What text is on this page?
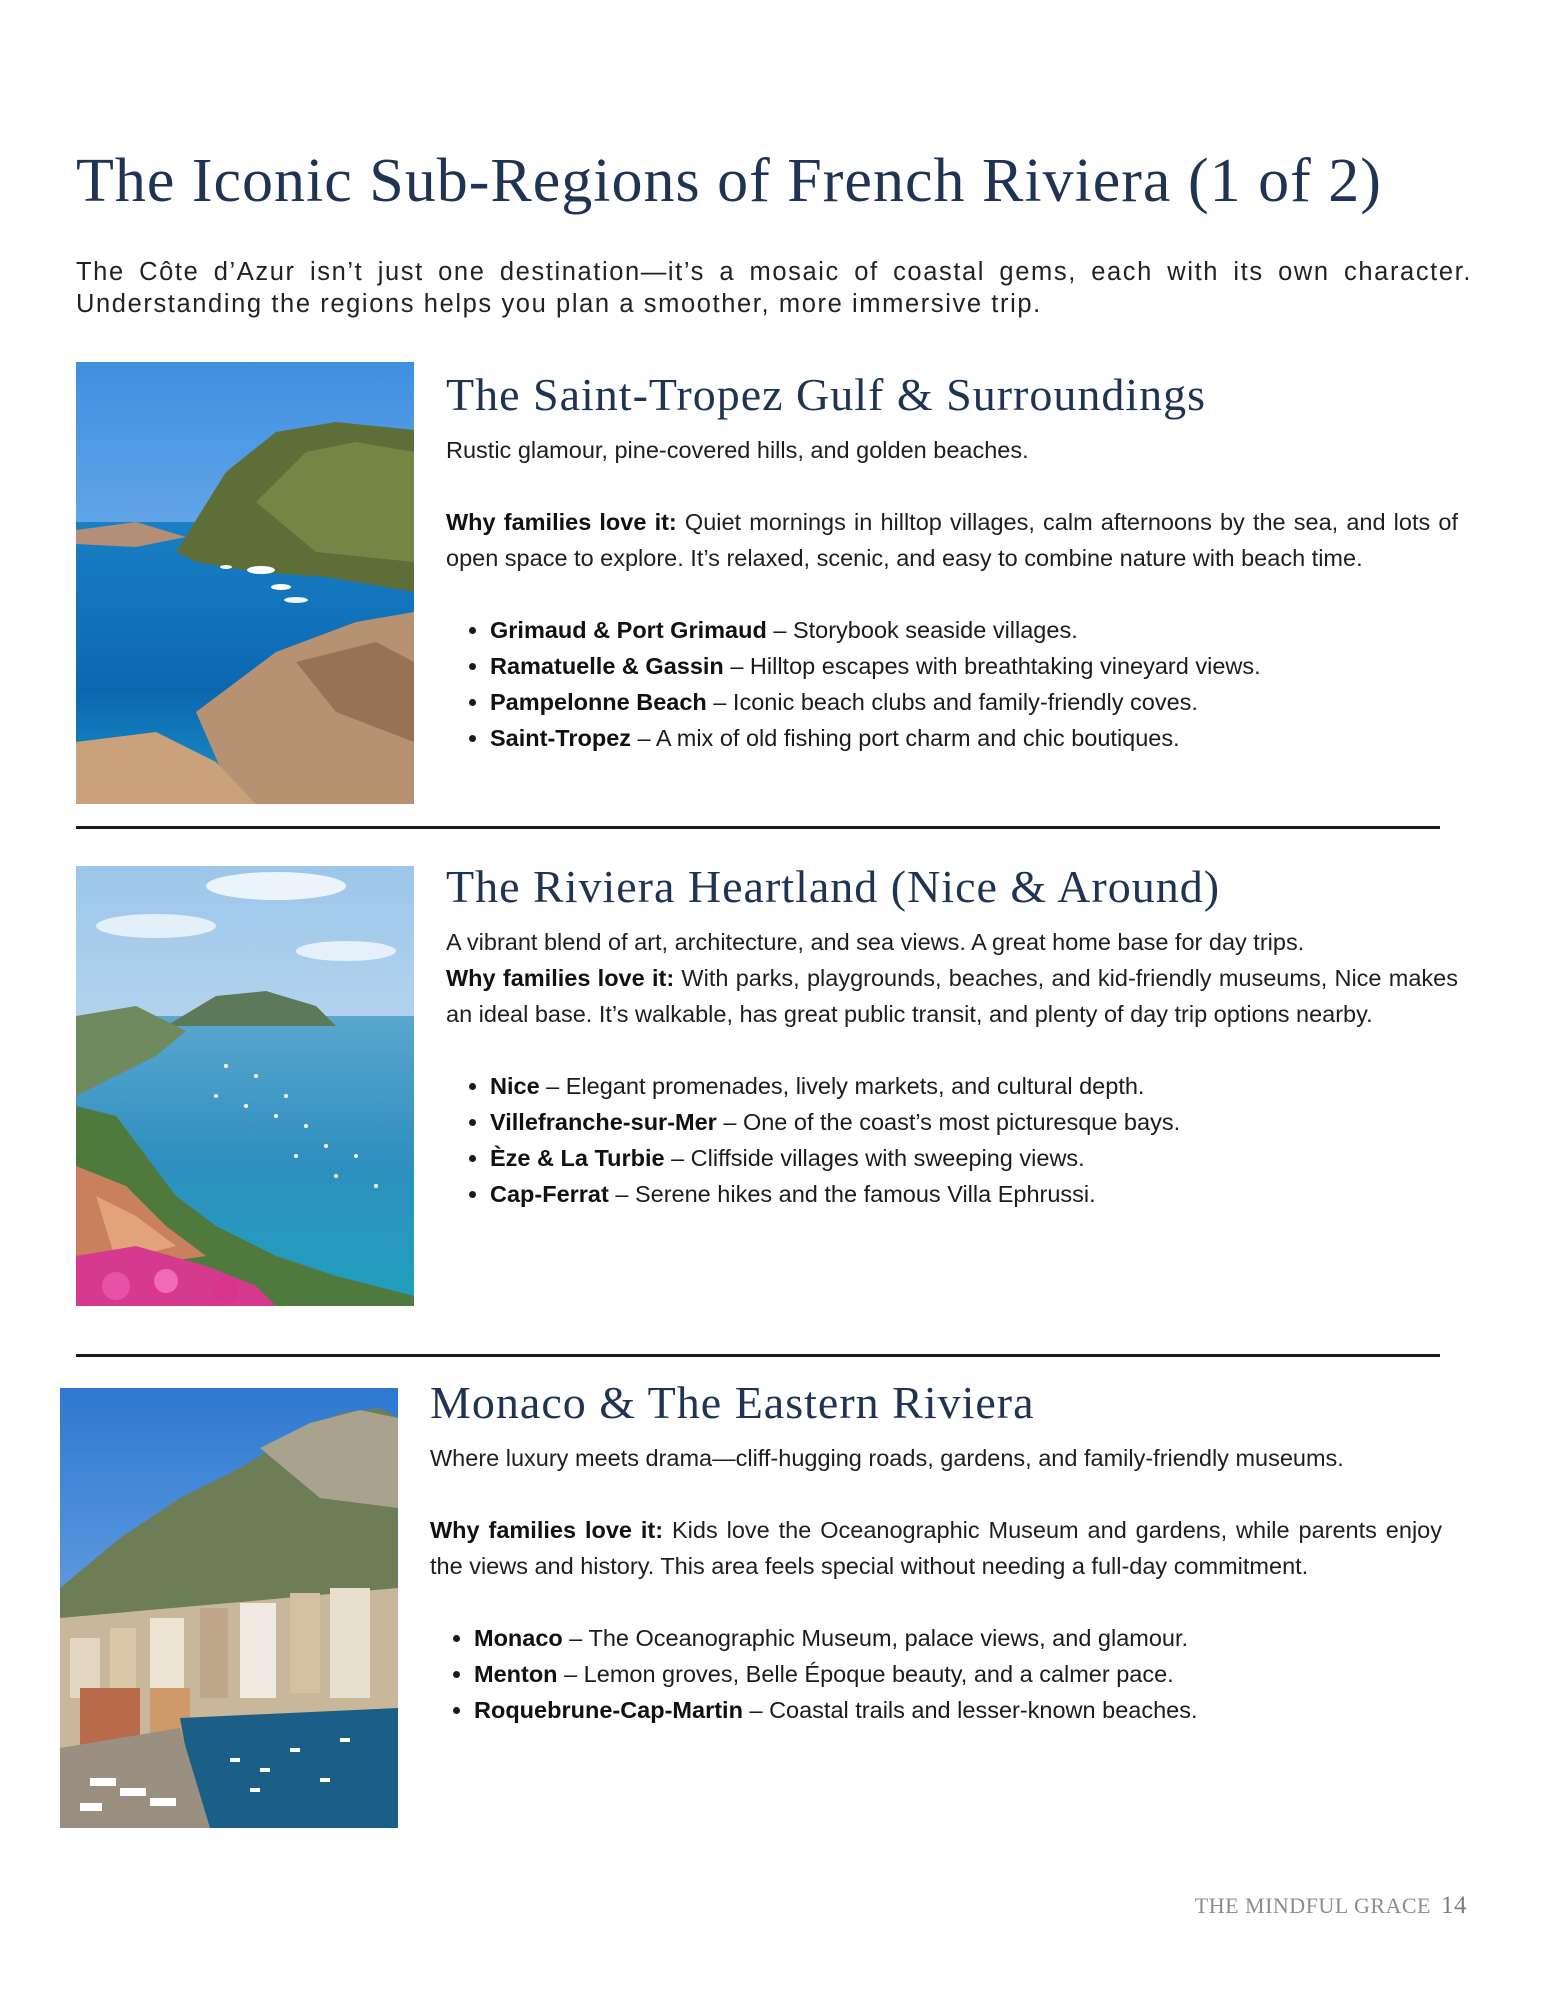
The Iconic Sub-Regions of French Riviera (1 of 2)

The Côte d’Azur isn’t just one destination—it’s a mosaic of coastal gems, each with its own character. Understanding the regions helps you plan a smoother, more immersive trip.

The Saint-Tropez Gulf & Surroundings

Rustic glamour, pine-covered hills, and golden beaches.

Why families love it: Quiet mornings in hilltop villages, calm afternoons by the sea, and lots of open space to explore. It’s relaxed, scenic, and easy to combine nature with beach time.

• Grimaud & Port Grimaud – Storybook seaside villages.
• Ramatuelle & Gassin – Hilltop escapes with breathtaking vineyard views.
• Pampelonne Beach – Iconic beach clubs and family-friendly coves.
• Saint-Tropez – A mix of old fishing port charm and chic boutiques.
The Riviera Heartland (Nice & Around)

A vibrant blend of art, architecture, and sea views. A great home base for day trips.

Why families love it: With parks, playgrounds, beaches, and kid-friendly museums, Nice makes an ideal base. It’s walkable, has great public transit, and plenty of day trip options nearby.

• Nice – Elegant promenades, lively markets, and cultural depth.
• Villefranche-sur-Mer – One of the coast’s most picturesque bays.
• Èze & La Turbie – Cliffside villages with sweeping views.
• Cap-Ferrat – Serene hikes and the famous Villa Ephrussi.
Monaco & The Eastern Riviera

Where luxury meets drama—cliff-hugging roads, gardens, and family-friendly museums.

Why families love it: Kids love the Oceanographic Museum and gardens, while parents enjoy the views and history. This area feels special without needing a full-day commitment.

• Monaco – The Oceanographic Museum, palace views, and glamour.
• Menton – Lemon groves, Belle Époque beauty, and a calmer pace.
• Roquebrune-Cap-Martin – Coastal trails and lesser-known beaches.
THE MINDFUL GRACE 14
